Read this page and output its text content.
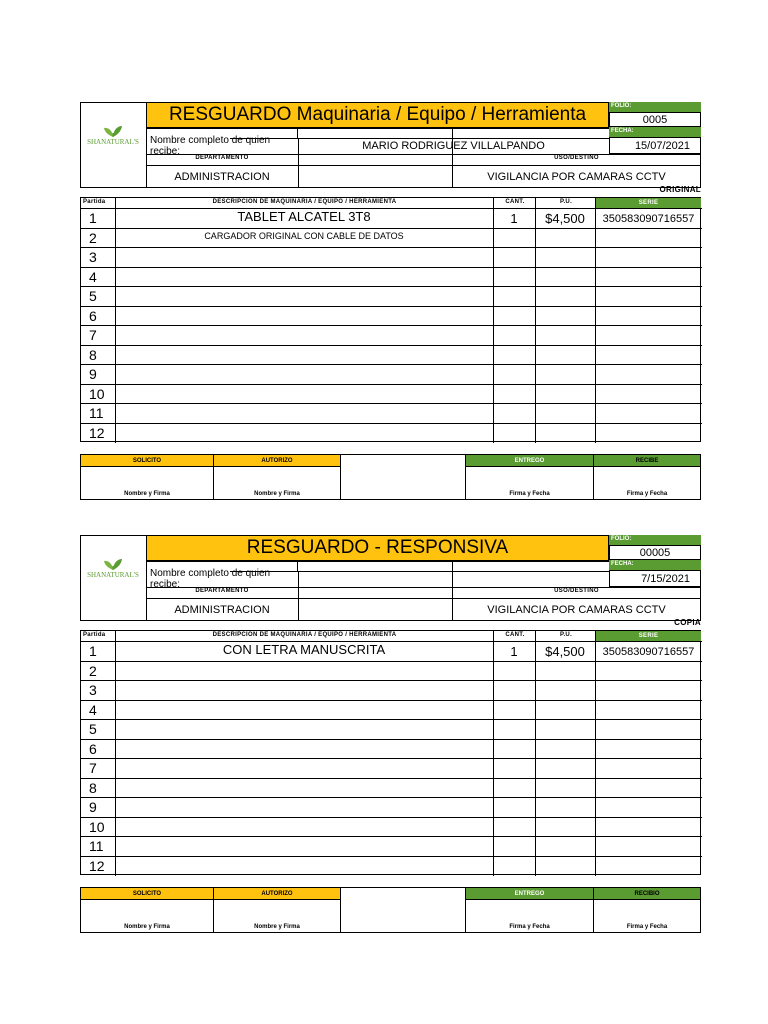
SHANATURAL'S
RESGUARDO Maquinaria / Equipo / Herramienta	FOLIO:
0005
FECHA:
15/07/2021
Nombre completo de quien recibe:	MARIO RODRIGUEZ VILLALPANDO
DEPARTAMENTO	USO/DESTINO
ADMINISTRACION	VIGILANCIA POR CAMARAS CCTV
ORIGINAL
Partida	DESCRIPCION DE MAQUINARIA / EQUIPO / HERRAMIENTA	CANT.	P.U.	SERIE
1	TABLET ALCATEL 3T8	1	$4,500	350583090716557
2	CARGADOR ORIGINAL CON CABLE DE DATOS
3
4
5
6
7
8
9
10
11
12
SOLICITO
Nombre y Firma
AUTORIZO
Nombre y Firma
ENTREGO
Firma y Fecha
RECIBE
Firma y Fecha
SHANATURAL'S
RESGUARDO - RESPONSIVA	FOLIO:
00005
FECHA:
7/15/2021
Nombre completo de quien recibe:
DEPARTAMENTO	USO/DESTINO
ADMINISTRACION	VIGILANCIA POR CAMARAS CCTV
COPIA
Partida	DESCRIPCION DE MAQUINARIA / EQUIPO / HERRAMIENTA	CANT.	P.U.	SERIE
1	CON LETRA MANUSCRITA	1	$4,500	350583090716557
2
3
4
5
6
7
8
9
10
11
12
SOLICITO
Nombre y Firma
AUTORIZO
Nombre y Firma
ENTREGO
Firma y Fecha
RECIBIO
Firma y Fecha
